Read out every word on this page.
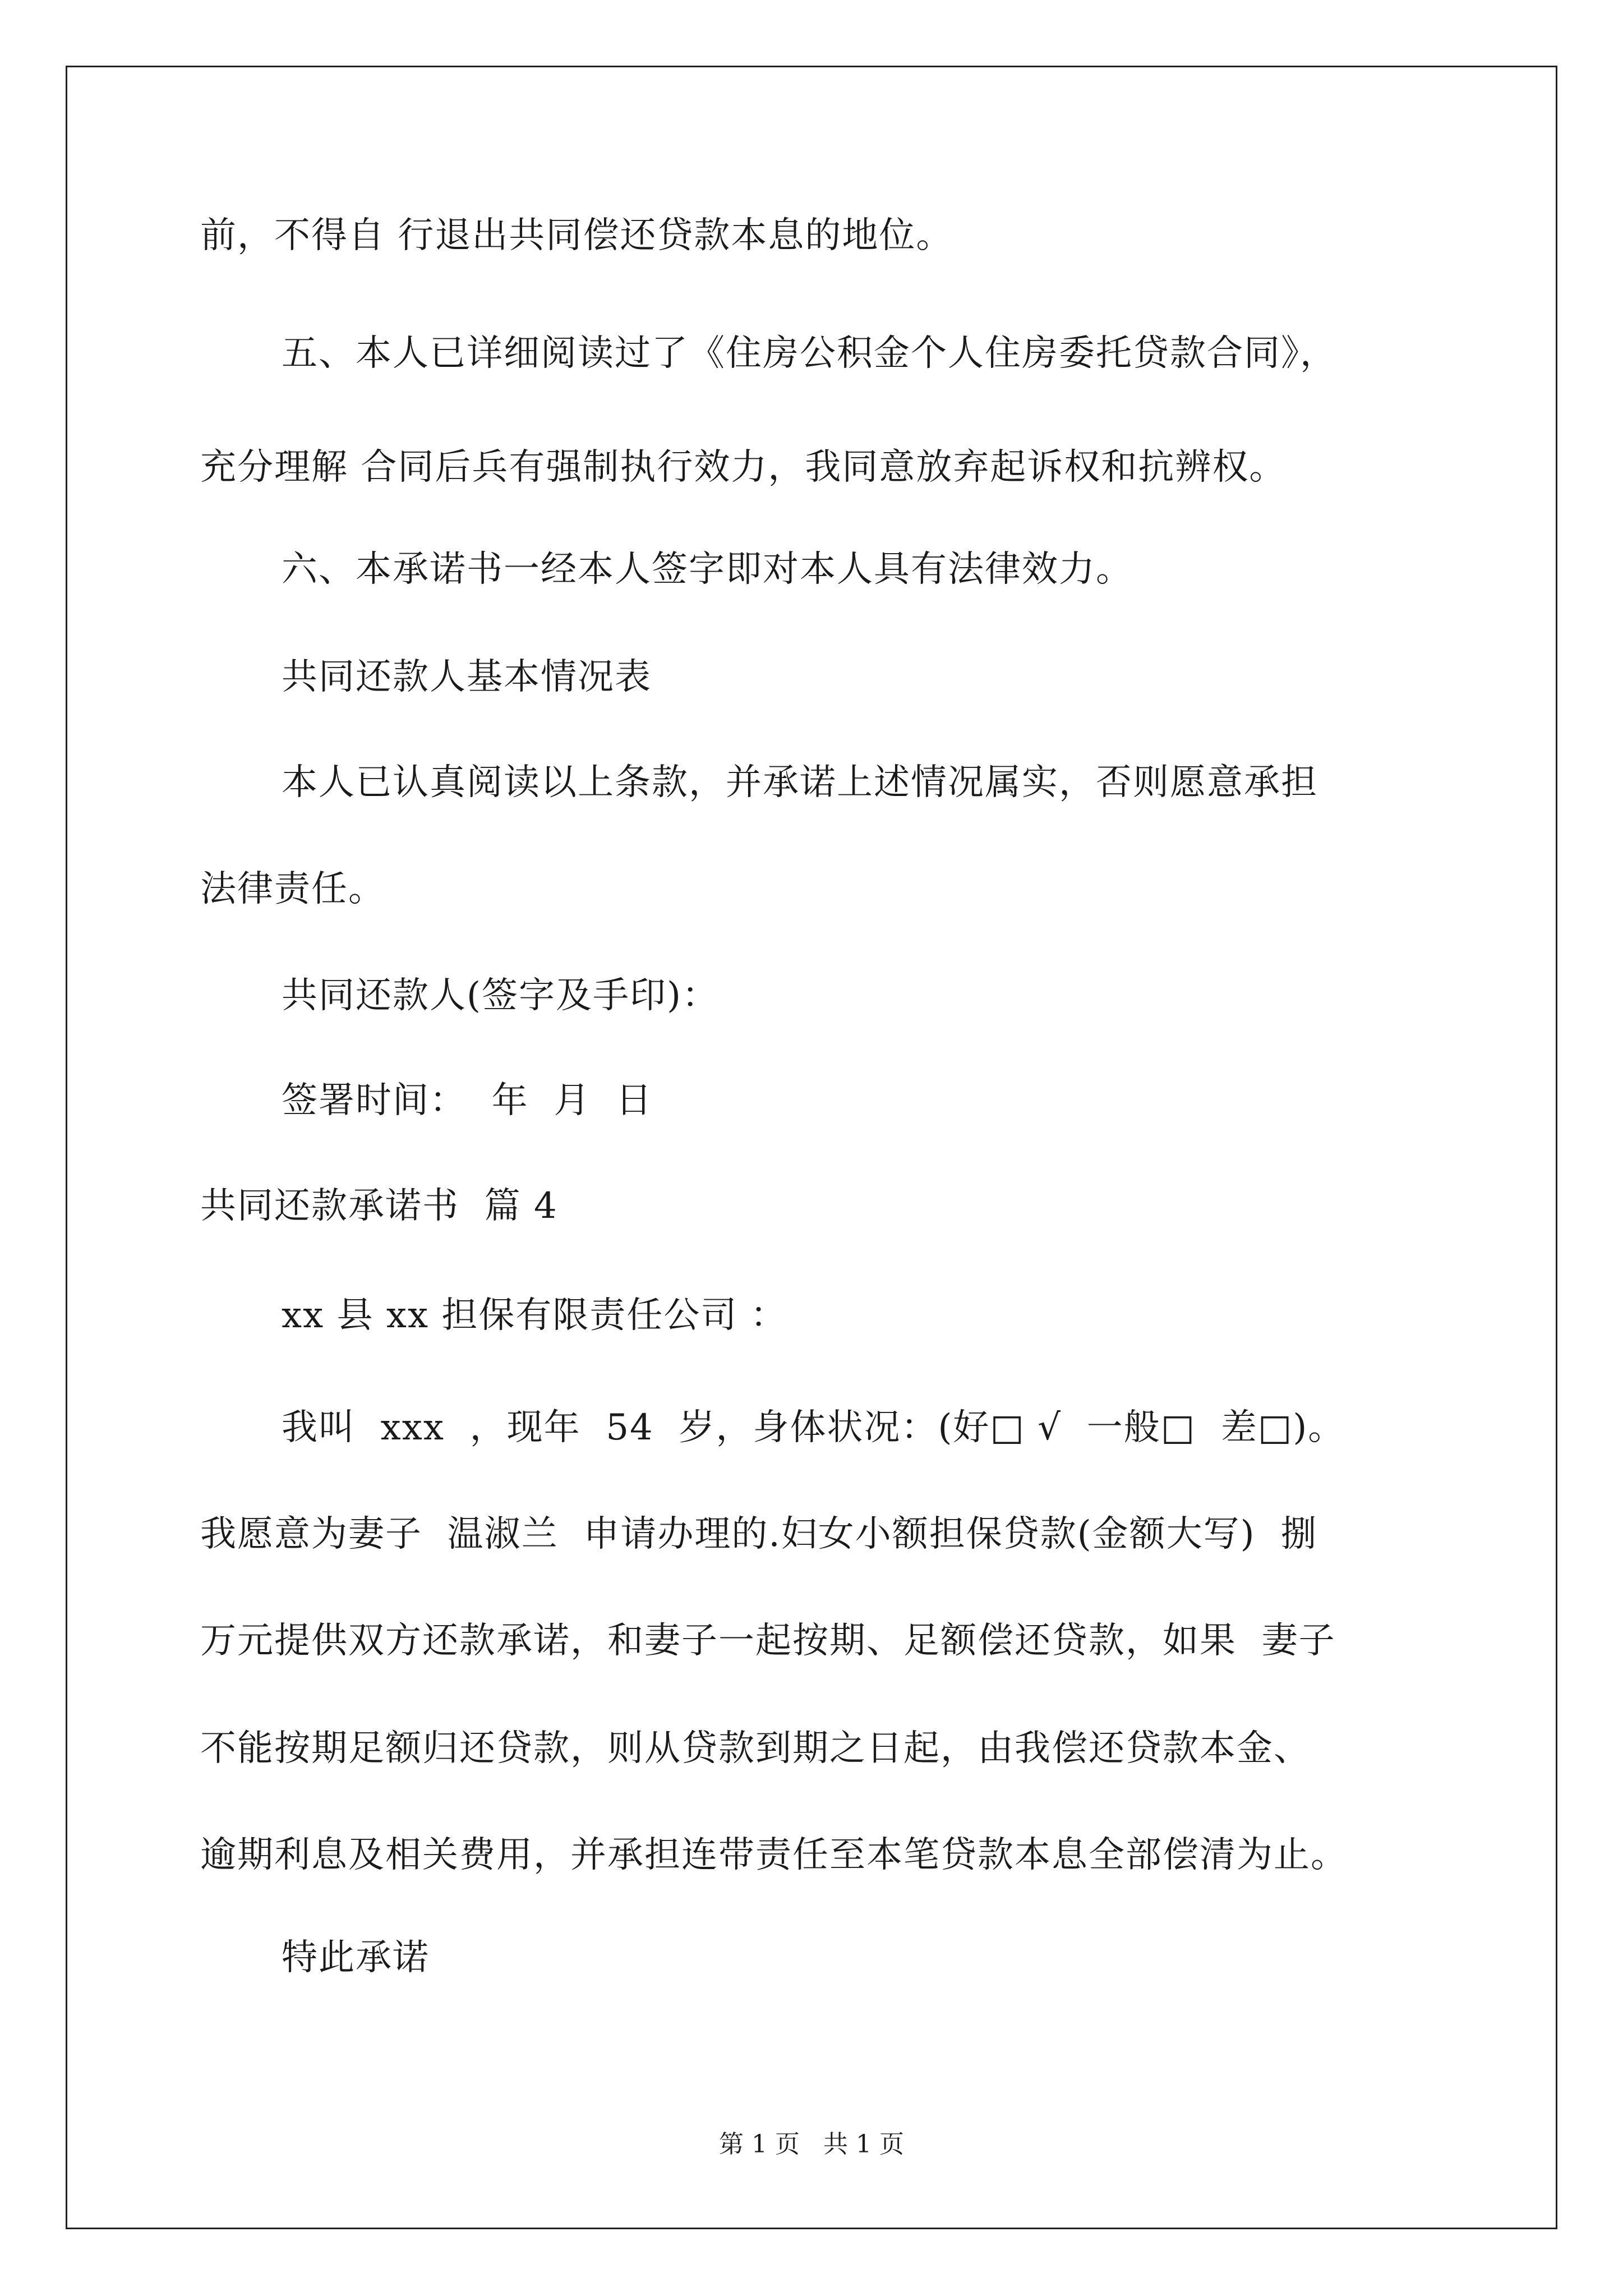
前，不得自 行退出共同偿还贷款本息的地位。
五、本人已详细阅读过了《住房公积金个人住房委托贷款合同》，
充分理解 合同后兵有强制执行效力，我同意放弃起诉权和抗辨权。
六、本承诺书一经本人签字即对本人具有法律效力。
共同还款人基本情况表
本人已认真阅读以上条款，并承诺上述情况属实，否则愿意承担
法律责任。
共同还款人(签字及手印)：
签署时间：  年  月  日
共同还款承诺书  篇 4
xx 县 xx 担保有限责任公司 ：
我叫  xxx  ，现年  54  岁，身体状况：(好□ √  一般□  差□)。
我愿意为妻子  温淑兰  申请办理的.妇女小额担保贷款(金额大写)  捌
万元提供双方还款承诺，和妻子一起按期、足额偿还贷款，如果  妻子
不能按期足额归还贷款，则从贷款到期之日起，由我偿还贷款本金、
逾期利息及相关费用，并承担连带责任至本笔贷款本息全部偿清为止。
特此承诺
第 1 页   共 1 页
